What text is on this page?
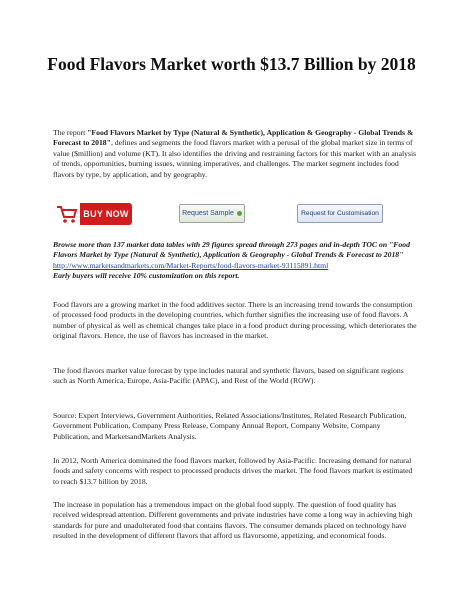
Food Flavors Market worth $13.7 Billion by 2018

The report "Food Flavors Market by Type (Natural & Synthetic), Application & Geography - Global Trends & Forecast to 2018", defines and segments the food flavors market with a perusal of the global market size in terms of value ($million) and volume (KT). It also identifies the driving and restraining factors for this market with an analysis of trends, opportunities, burning issues, winning imperatives, and challenges. The market segment includes food flavors by type, by application, and by geography.

BUY NOW	Request Sample	Request for Customisation
Browse more than 137 market data tables with 29 figures spread through 273 pages and in-depth TOC on "Food Flavors Market by Type (Natural & Synthetic), Application & Geography - Global Trends & Forecast to 2018"
http://www.marketsandmarkets.com/Market-Reports/food-flavors-market-93115891.html
Early buyers will receive 10% customization on this report.

Food flavors are a growing market in the food additives sector. There is an increasing trend towards the consumption of processed food products in the developing countries, which further signifies the increasing use of food flavors. A number of physical as well as chemical changes take place in a food product during processing, which deteriorates the original flavors. Hence, the use of flavors has increased in the market.

The food flavors market value forecast by type includes natural and synthetic flavors, based on significant regions such as North America, Europe, Asia-Pacific (APAC), and Rest of the World (ROW).

Source: Expert Interviews, Government Authorities, Related Associations/Institutes, Related Research Publication, Government Publication, Company Press Release, Company Annual Report, Company Website, Company Publication, and MarketsandMarkets Analysis.

In 2012, North America dominated the food flavors market, followed by Asia-Pacific. Increasing demand for natural foods and safety concerns with respect to processed products drives the market. The food flavors market is estimated to reach $13.7 billion by 2018.

The increase in population has a tremendous impact on the global food supply. The question of food quality has received widespread attention. Different governments and private industries have come a long way in achieving high standards for pure and unadulterated food that contains flavors. The consumer demands placed on technology have resulted in the development of different flavors that afford us flavorsome, appetizing, and economical foods.
